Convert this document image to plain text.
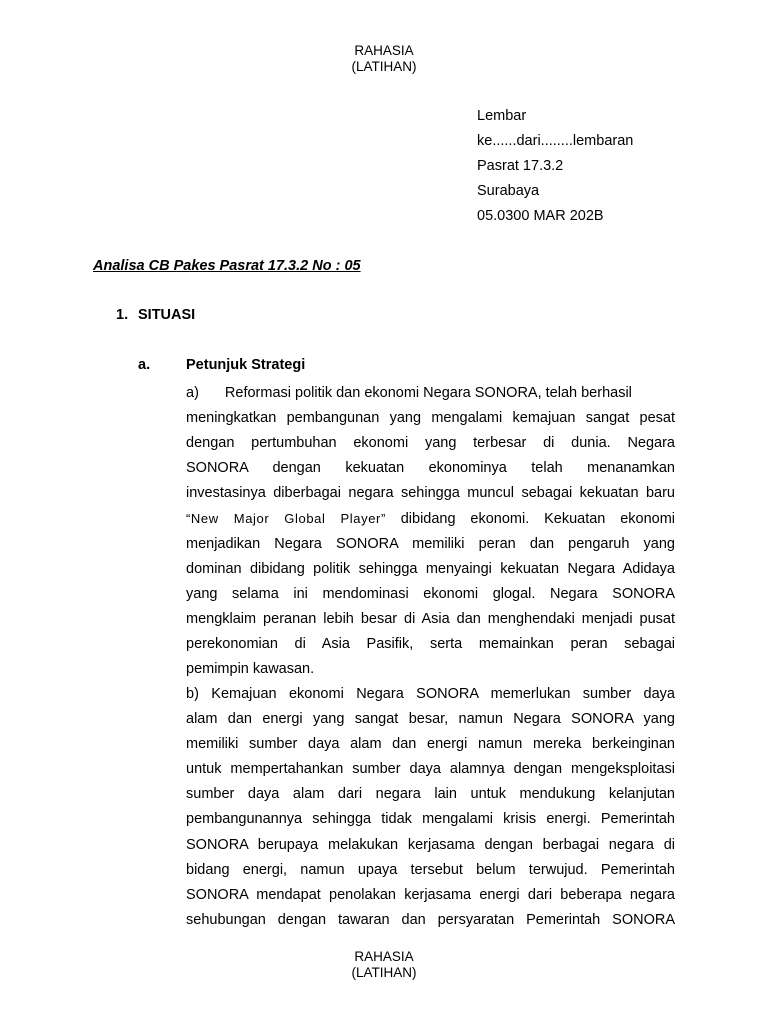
RAHASIA
(LATIHAN)
Lembar
ke......dari........lembaran
Pasrat 17.3.2
Surabaya
05.0300 MAR 202B
Analisa CB Pakes Pasrat 17.3.2 No : 05
1. SITUASI
a. Petunjuk Strategi
a) Reformasi politik dan ekonomi Negara SONORA, telah berhasil
meningkatkan pembangunan yang mengalami kemajuan sangat pesat
dengan pertumbuhan ekonomi yang terbesar di dunia. Negara
SONORA dengan kekuatan ekonominya telah menanamkan
investasinya diberbagai negara sehingga muncul sebagai kekuatan baru
“New Major Global Player” dibidang ekonomi. Kekuatan ekonomi
menjadikan Negara SONORA memiliki peran dan pengaruh yang
dominan dibidang politik sehingga menyaingi kekuatan Negara Adidaya
yang selama ini mendominasi ekonomi glogal. Negara SONORA
mengklaim peranan lebih besar di Asia dan menghendaki menjadi pusat
perekonomian di Asia Pasifik, serta memainkan peran sebagai
pemimpin kawasan.
b) Kemajuan ekonomi Negara SONORA memerlukan sumber daya
alam dan energi yang sangat besar, namun Negara SONORA yang
memiliki sumber daya alam dan energi namun mereka berkeinginan
untuk mempertahankan sumber daya alamnya dengan mengeksploitasi
sumber daya alam dari negara lain untuk mendukung kelanjutan
pembangunannya sehingga tidak mengalami krisis energi. Pemerintah
SONORA berupaya melakukan kerjasama dengan berbagai negara di
bidang energi, namun upaya tersebut belum terwujud. Pemerintah
SONORA mendapat penolakan kerjasama energi dari beberapa negara
sehubungan dengan tawaran dan persyaratan Pemerintah SONORA
RAHASIA
(LATIHAN)
